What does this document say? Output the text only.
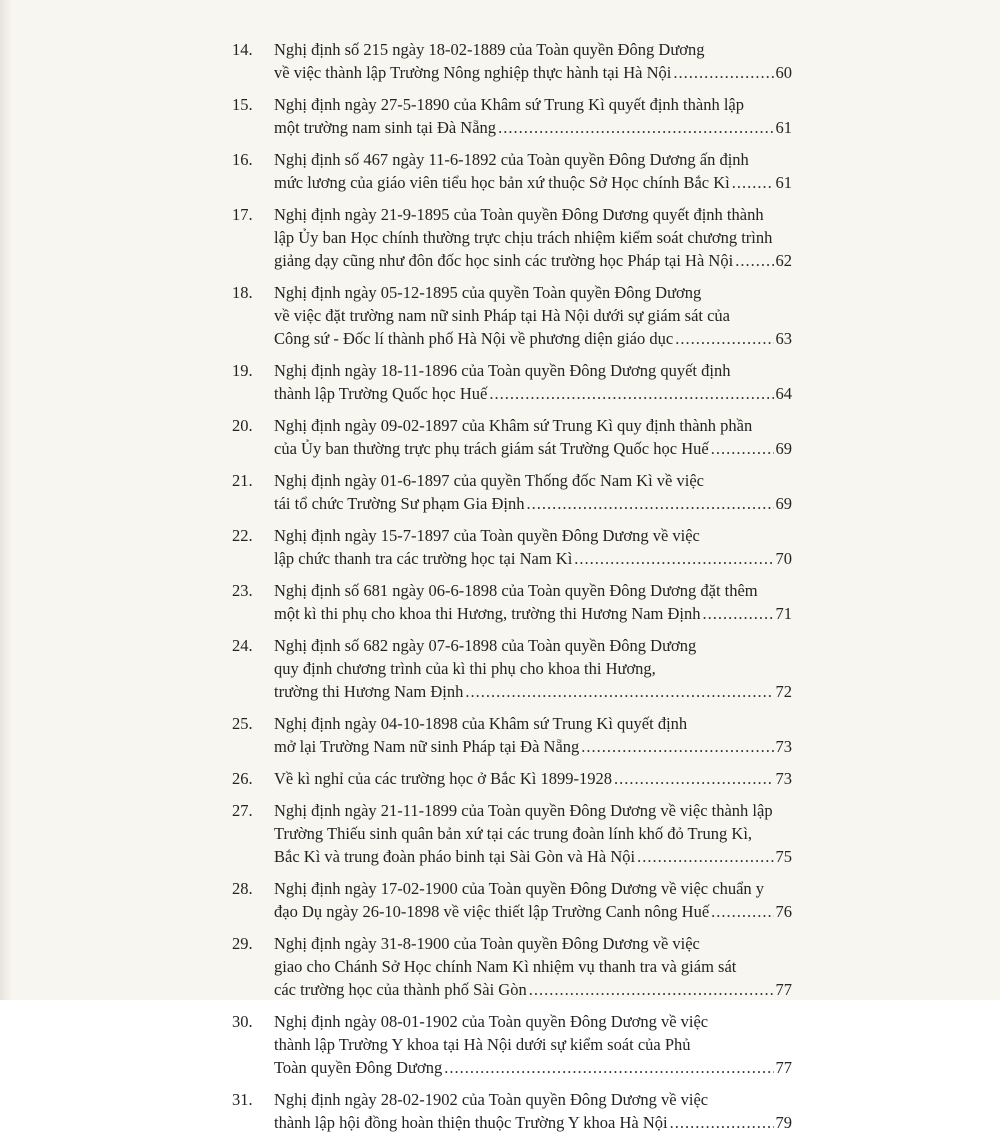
14. Nghị định số 215 ngày 18-02-1889 của Toàn quyền Đông Dương
về việc thành lập Trường Nông nghiệp thực hành tại Hà Nội .....	60
15. Nghị định ngày 27-5-1890 của Khâm sứ Trung Kì quyết định thành lập
một trường nam sinh tại Đà Nẵng .....	61
16. Nghị định số 467 ngày 11-6-1892 của Toàn quyền Đông Dương ấn định
mức lương của giáo viên tiểu học bản xứ thuộc Sở Học chính Bắc Kì .....	61
17. Nghị định ngày 21-9-1895 của Toàn quyền Đông Dương quyết định thành
lập Ủy ban Học chính thường trực chịu trách nhiệm kiểm soát chương trình
giảng dạy cũng như đôn đốc học sinh các trường học Pháp tại Hà Nội .....	62
18. Nghị định ngày 05-12-1895 của quyền Toàn quyền Đông Dương
về việc đặt trường nam nữ sinh Pháp tại Hà Nội dưới sự giám sát của
Công sứ - Đốc lí thành phố Hà Nội về phương diện giáo dục .....	63
19. Nghị định ngày 18-11-1896 của Toàn quyền Đông Dương quyết định
thành lập Trường Quốc học Huế .....	64
20. Nghị định ngày 09-02-1897 của Khâm sứ Trung Kì quy định thành phần
của Ủy ban thường trực phụ trách giám sát Trường Quốc học Huế .....	69
21. Nghị định ngày 01-6-1897 của quyền Thống đốc Nam Kì về việc
tái tổ chức Trường Sư phạm Gia Định .....	69
22. Nghị định ngày 15-7-1897 của Toàn quyền Đông Dương về việc
lập chức thanh tra các trường học tại Nam Kì .....	70
23. Nghị định số 681 ngày 06-6-1898 của Toàn quyền Đông Dương đặt thêm
một kì thi phụ cho khoa thi Hương, trường thi Hương Nam Định .....	71
24. Nghị định số 682 ngày 07-6-1898 của Toàn quyền Đông Dương
quy định chương trình của kì thi phụ cho khoa thi Hương,
trường thi Hương Nam Định .....	72
25. Nghị định ngày 04-10-1898 của Khâm sứ Trung Kì quyết định
mở lại Trường Nam nữ sinh Pháp tại Đà Nẵng .....	73
26. Về kì nghỉ của các trường học ở Bắc Kì 1899-1928 .....	73
27. Nghị định ngày 21-11-1899 của Toàn quyền Đông Dương về việc thành lập
Trường Thiếu sinh quân bản xứ tại các trung đoàn lính khố đỏ Trung Kì,
Bắc Kì và trung đoàn pháo binh tại Sài Gòn và Hà Nội .....	75
28. Nghị định ngày 17-02-1900 của Toàn quyền Đông Dương về việc chuẩn y
đạo Dụ ngày 26-10-1898 về việc thiết lập Trường Canh nông Huế .....	76
29. Nghị định ngày 31-8-1900 của Toàn quyền Đông Dương về việc
giao cho Chánh Sở Học chính Nam Kì nhiệm vụ thanh tra và giám sát
các trường học của thành phố Sài Gòn .....	77
30. Nghị định ngày 08-01-1902 của Toàn quyền Đông Dương về việc
thành lập Trường Y khoa tại Hà Nội dưới sự kiểm soát của Phủ
Toàn quyền Đông Dương .....	77
31. Nghị định ngày 28-02-1902 của Toàn quyền Đông Dương về việc
thành lập hội đồng hoàn thiện thuộc Trường Y khoa Hà Nội .....	79
